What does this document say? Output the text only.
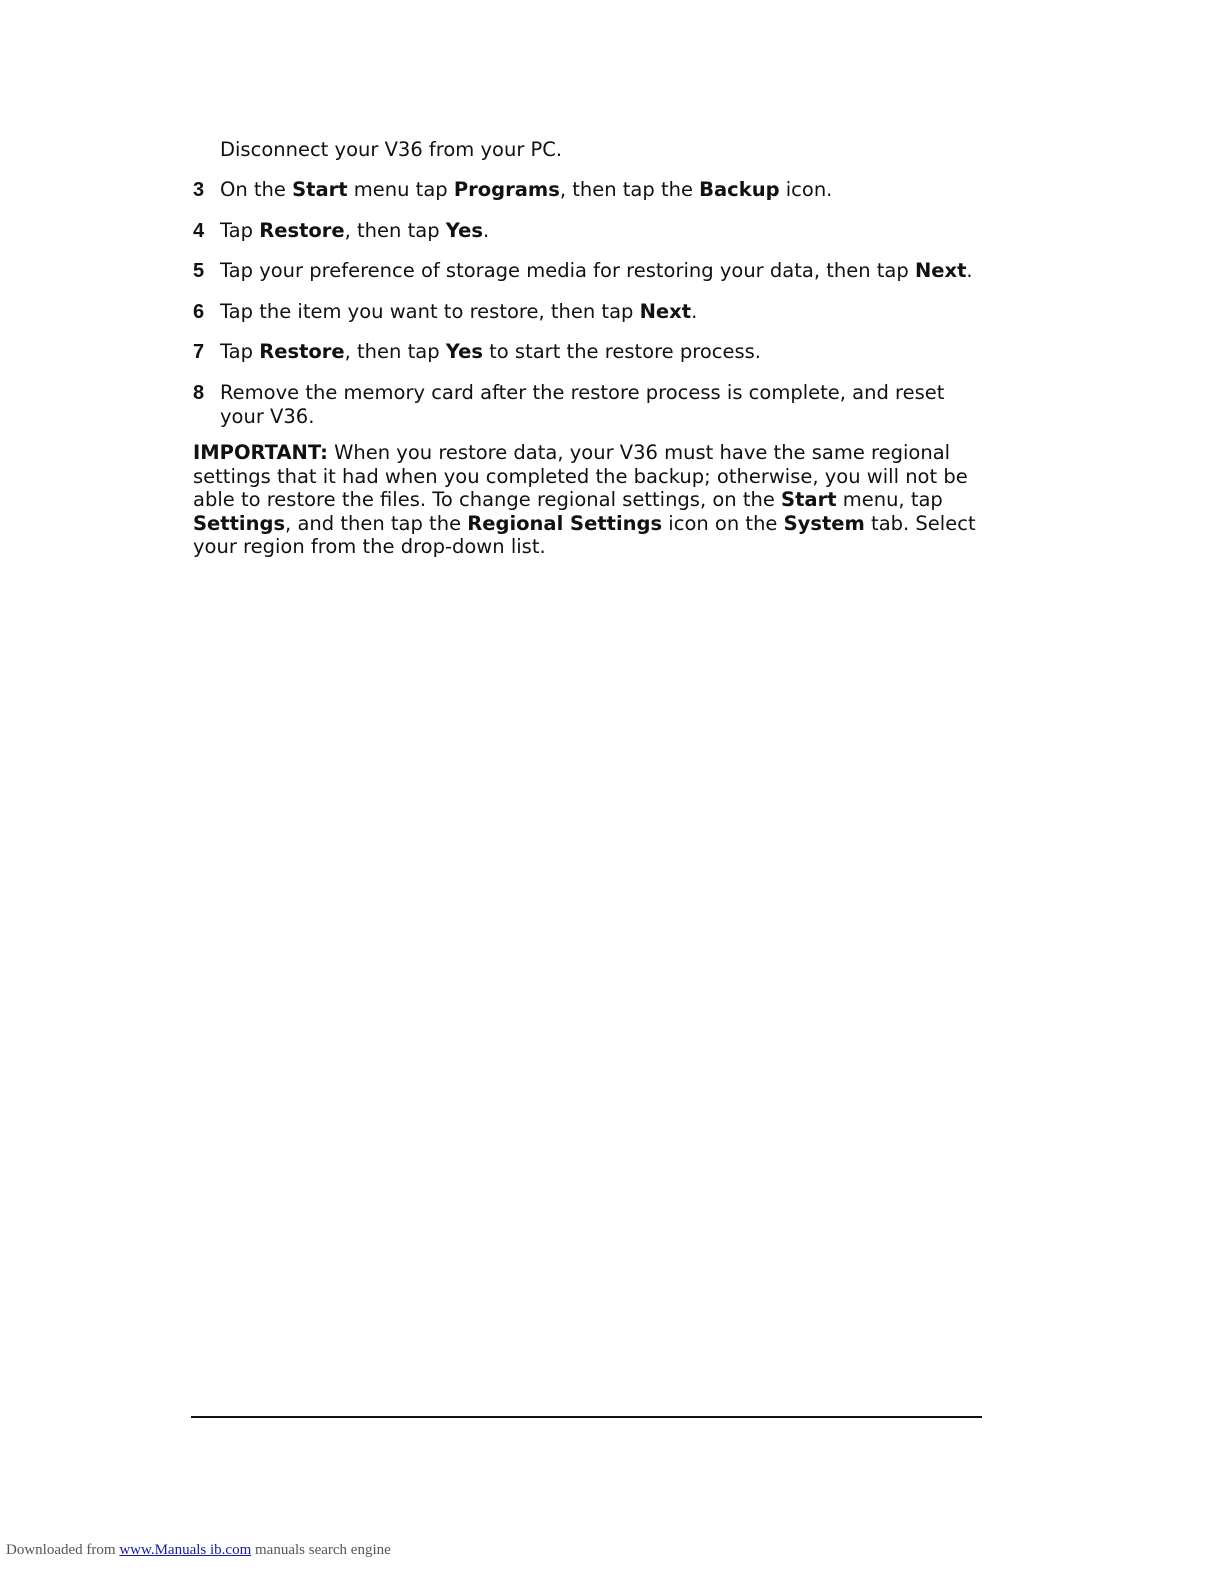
Disconnect your V36 from your PC.

3 On the Start menu tap Programs, then tap the Backup icon.
4 Tap Restore, then tap Yes.
5 Tap your preference of storage media for restoring your data, then tap Next.
6 Tap the item you want to restore, then tap Next.
7 Tap Restore, then tap Yes to start the restore process.
8 Remove the memory card after the restore process is complete, and reset your V36.

IMPORTANT: When you restore data, your V36 must have the same regional settings that it had when you completed the backup; otherwise, you will not be able to restore the files. To change regional settings, on the Start menu, tap Settings, and then tap the Regional Settings icon on the System tab. Select your region from the drop-down list.

Downloaded from www.Manuals ib.com manuals search engine
